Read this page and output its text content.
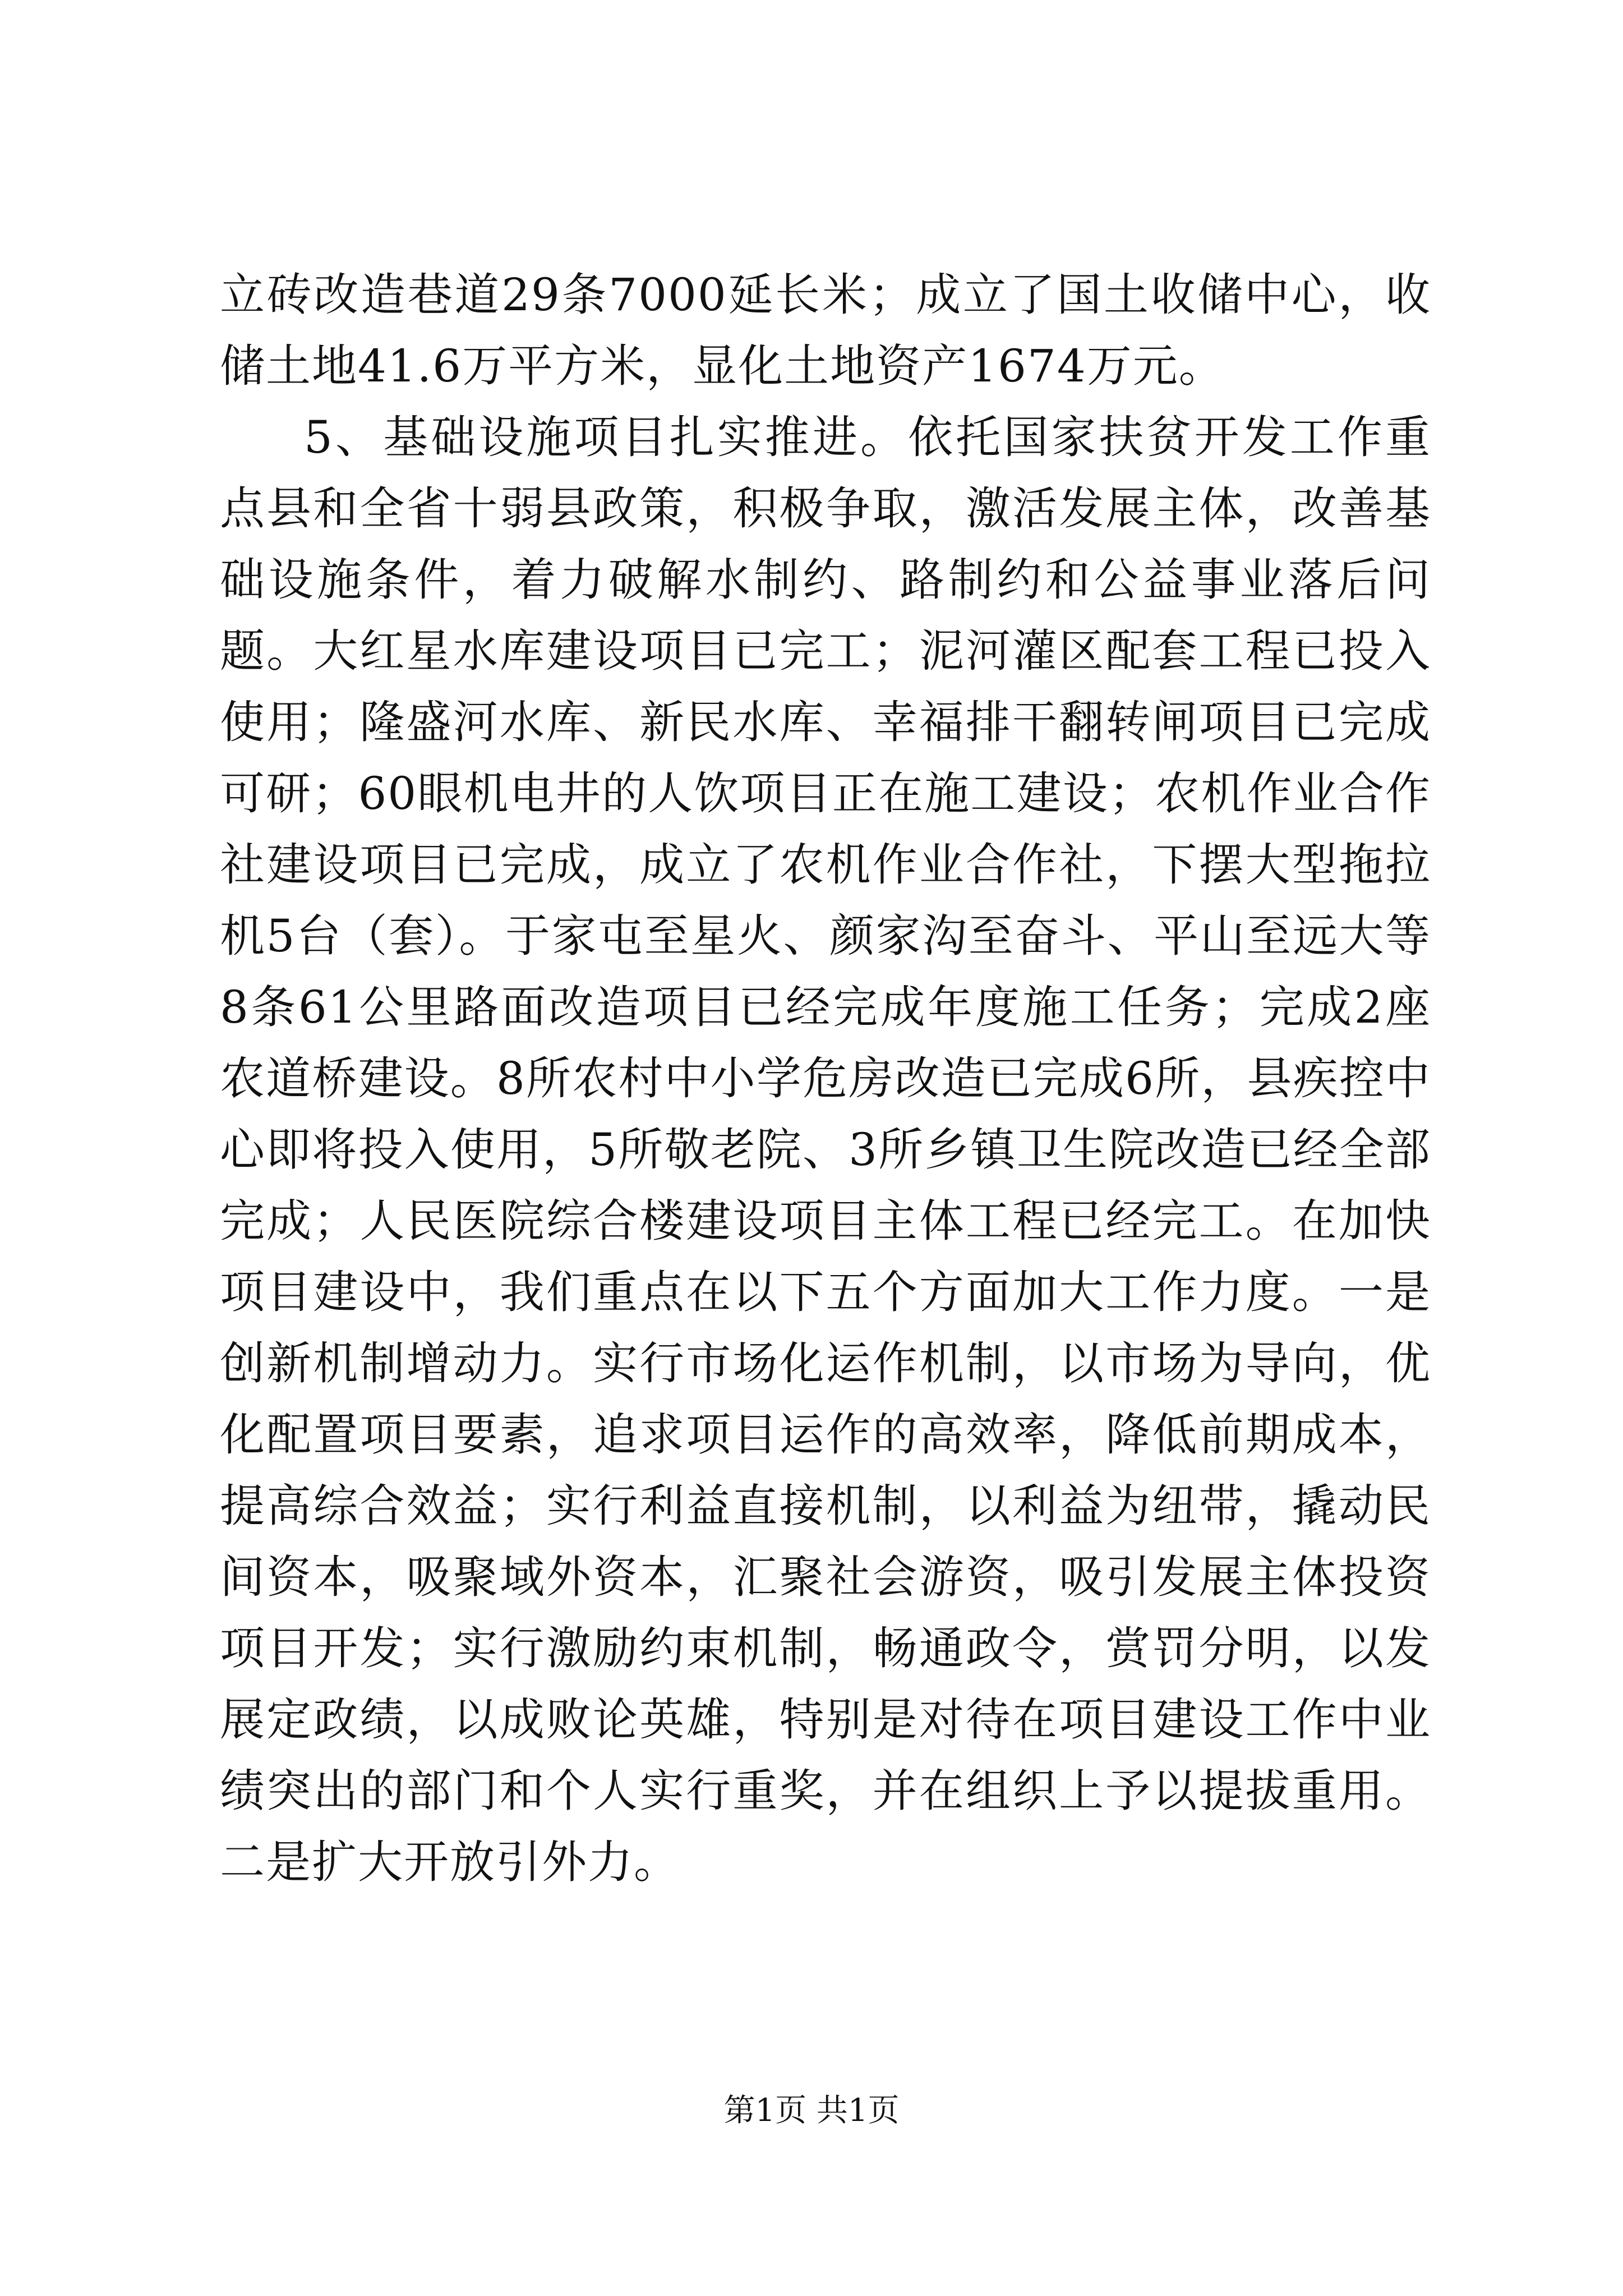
立砖改造巷道29条7000延长米；成立了国土收储中心，收储土地41.6万平方米，显化土地资产1674万元。

5、基础设施项目扎实推进。依托国家扶贫开发工作重点县和全省十弱县政策，积极争取，激活发展主体，改善基础设施条件，着力破解水制约、路制约和公益事业落后问题。大红星水库建设项目已完工；泥河灌区配套工程已投入使用；隆盛河水库、新民水库、幸福排干翻转闸项目已完成可研；60眼机电井的人饮项目正在施工建设；农机作业合作社建设项目已完成，成立了农机作业合作社，下摆大型拖拉机5台（套）。于家屯至星火、颜家沟至奋斗、平山至远大等8条61公里路面改造项目已经完成年度施工任务；完成2座农道桥建设。8所农村中小学危房改造已完成6所，县疾控中心即将投入使用，5所敬老院、3所乡镇卫生院改造已经全部完成；人民医院综合楼建设项目主体工程已经完工。在加快项目建设中，我们重点在以下五个方面加大工作力度。一是创新机制增动力。实行市场化运作机制，以市场为导向，优化配置项目要素，追求项目运作的高效率，降低前期成本，提高综合效益；实行利益直接机制，以利益为纽带，撬动民间资本，吸聚域外资本，汇聚社会游资，吸引发展主体投资项目开发；实行激励约束机制，畅通政令，赏罚分明，以发展定政绩，以成败论英雄，特别是对待在项目建设工作中业绩突出的部门和个人实行重奖，并在组织上予以提拔重用。二是扩大开放引外力。

第1页 共1页
